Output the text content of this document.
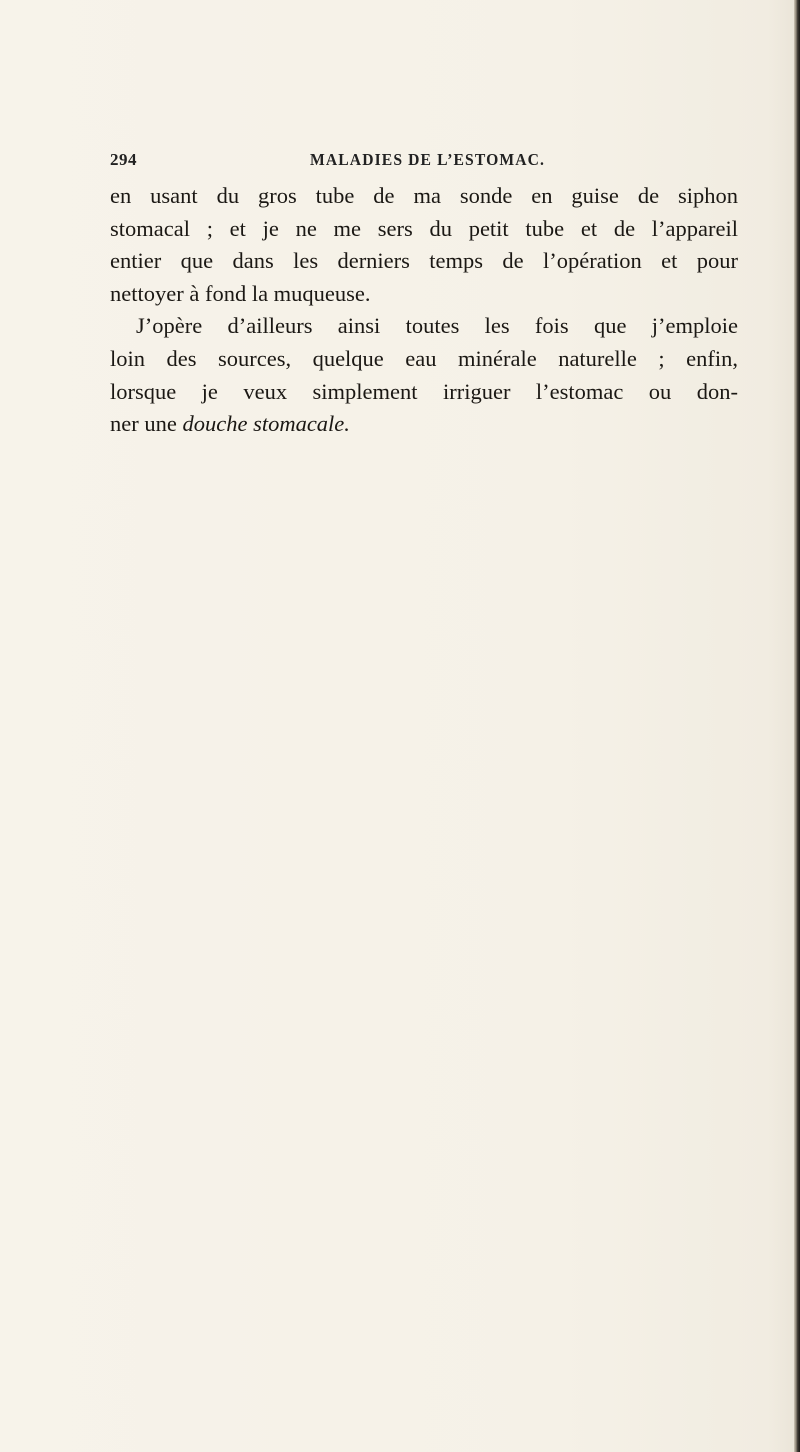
294	MALADIES DE L’ESTOMAC.

en usant du gros tube de ma sonde en guise de siphon
stomacal ; et je ne me sers du petit tube et de l’appareil
entier que dans les derniers temps de l’opération et pour
nettoyer à fond la muqueuse.

J’opère d’ailleurs ainsi toutes les fois que j’emploie
loin des sources, quelque eau minérale naturelle ; enfin,
lorsque je veux simplement irriguer l’estomac ou don-
ner une douche stomacale.
